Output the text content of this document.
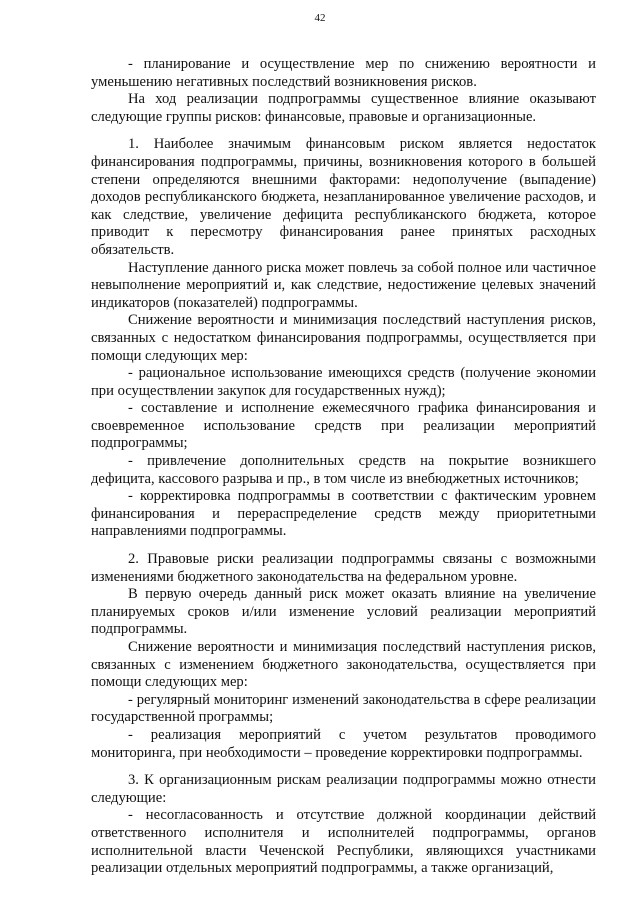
42

- планирование и осуществление мер по снижению вероятности и уменьшению негативных последствий возникновения рисков.

На ход реализации подпрограммы существенное влияние оказывают следующие группы рисков: финансовые, правовые и организационные.

1. Наиболее значимым финансовым риском является недостаток финансирования подпрограммы, причины, возникновения которого в большей степени определяются внешними факторами: недополучение (выпадение) доходов республиканского бюджета, незапланированное увеличение расходов, и как следствие, увеличение дефицита республиканского бюджета, которое приводит к пересмотру финансирования ранее принятых расходных обязательств.

Наступление данного риска может повлечь за собой полное или частичное невыполнение мероприятий и, как следствие, недостижение целевых значений индикаторов (показателей) подпрограммы.

Снижение вероятности и минимизация последствий наступления рисков, связанных с недостатком финансирования подпрограммы, осуществляется при помощи следующих мер:

- рациональное использование имеющихся средств (получение экономии при осуществлении закупок для государственных нужд);

- составление и исполнение ежемесячного графика финансирования и своевременное использование средств при реализации мероприятий подпрограммы;

- привлечение дополнительных средств на покрытие возникшего дефицита, кассового разрыва и пр., в том числе из внебюджетных источников;

- корректировка подпрограммы в соответствии с фактическим уровнем финансирования и перераспределение средств между приоритетными направлениями подпрограммы.

2. Правовые риски реализации подпрограммы связаны с возможными изменениями бюджетного законодательства на федеральном уровне.

В первую очередь данный риск может оказать влияние на увеличение планируемых сроков и/или изменение условий реализации мероприятий подпрограммы.

Снижение вероятности и минимизация последствий наступления рисков, связанных с изменением бюджетного законодательства, осуществляется при помощи следующих мер:

- регулярный мониторинг изменений законодательства в сфере реализации государственной программы;

- реализация мероприятий с учетом результатов проводимого мониторинга, при необходимости – проведение корректировки подпрограммы.

3. К организационным рискам реализации подпрограммы можно отнести следующие:

- несогласованность и отсутствие должной координации действий ответственного исполнителя и исполнителей подпрограммы, органов исполнительной власти Чеченской Республики, являющихся участниками реализации отдельных мероприятий подпрограммы, а также организаций,
